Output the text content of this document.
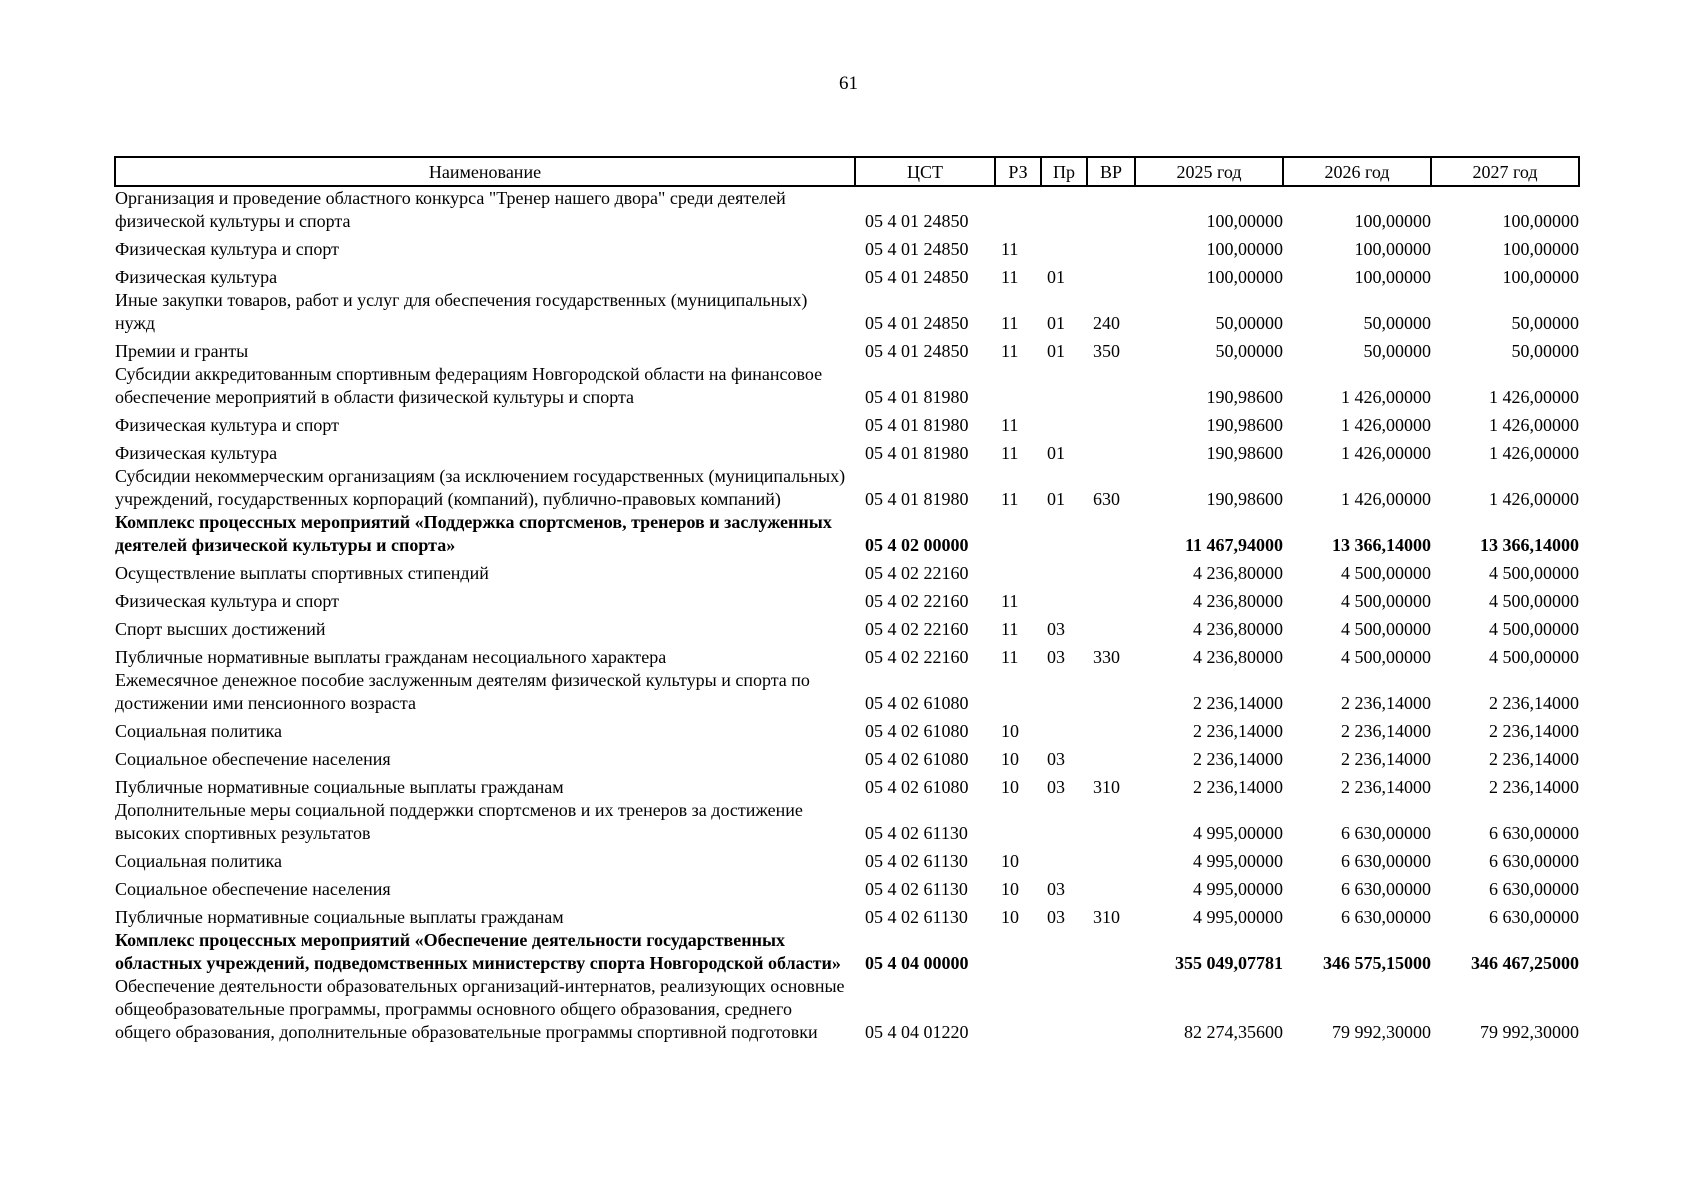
61
Наименование	ЦСТ	РЗ	Пр	ВР	2025 год	2026 год	2027 год
Организация и проведение областного конкурса "Тренер нашего двора" среди деятелей физической культуры и спорта	05 4 01 24850				100,00000	100,00000	100,00000
Физическая культура и спорт	05 4 01 24850	11			100,00000	100,00000	100,00000
Физическая культура	05 4 01 24850	11	01		100,00000	100,00000	100,00000
Иные закупки товаров, работ и услуг для обеспечения государственных (муниципальных) нужд	05 4 01 24850	11	01	240	50,00000	50,00000	50,00000
Премии и гранты	05 4 01 24850	11	01	350	50,00000	50,00000	50,00000
Субсидии аккредитованным спортивным федерациям Новгородской области на финансовое обеспечение мероприятий в области физической культуры и спорта	05 4 01 81980				190,98600	1 426,00000	1 426,00000
Физическая культура и спорт	05 4 01 81980	11			190,98600	1 426,00000	1 426,00000
Физическая культура	05 4 01 81980	11	01		190,98600	1 426,00000	1 426,00000
Субсидии некоммерческим организациям (за исключением государственных (муниципальных) учреждений, государственных корпораций (компаний), публично-правовых компаний)	05 4 01 81980	11	01	630	190,98600	1 426,00000	1 426,00000
Комплекс процессных мероприятий «Поддержка спортсменов, тренеров и заслуженных деятелей физической культуры и спорта»	05 4 02 00000				11 467,94000	13 366,14000	13 366,14000
Осуществление выплаты спортивных стипендий	05 4 02 22160				4 236,80000	4 500,00000	4 500,00000
Физическая культура и спорт	05 4 02 22160	11			4 236,80000	4 500,00000	4 500,00000
Спорт высших достижений	05 4 02 22160	11	03		4 236,80000	4 500,00000	4 500,00000
Публичные нормативные выплаты гражданам несоциального характера	05 4 02 22160	11	03	330	4 236,80000	4 500,00000	4 500,00000
Ежемесячное денежное пособие заслуженным деятелям физической культуры и спорта по достижении ими пенсионного возраста	05 4 02 61080				2 236,14000	2 236,14000	2 236,14000
Социальная политика	05 4 02 61080	10			2 236,14000	2 236,14000	2 236,14000
Социальное обеспечение населения	05 4 02 61080	10	03		2 236,14000	2 236,14000	2 236,14000
Публичные нормативные социальные выплаты гражданам	05 4 02 61080	10	03	310	2 236,14000	2 236,14000	2 236,14000
Дополнительные меры социальной поддержки спортсменов и их тренеров за достижение высоких спортивных результатов	05 4 02 61130				4 995,00000	6 630,00000	6 630,00000
Социальная политика	05 4 02 61130	10			4 995,00000	6 630,00000	6 630,00000
Социальное обеспечение населения	05 4 02 61130	10	03		4 995,00000	6 630,00000	6 630,00000
Публичные нормативные социальные выплаты гражданам	05 4 02 61130	10	03	310	4 995,00000	6 630,00000	6 630,00000
Комплекс процессных мероприятий «Обеспечение деятельности государственных областных учреждений, подведомственных министерству спорта Новгородской области»	05 4 04 00000				355 049,07781	346 575,15000	346 467,25000
Обеспечение деятельности образовательных организаций-интернатов, реализующих основные общеобразовательные программы, программы основного общего образования, среднего общего образования, дополнительные образовательные программы спортивной подготовки	05 4 04 01220				82 274,35600	79 992,30000	79 992,30000
